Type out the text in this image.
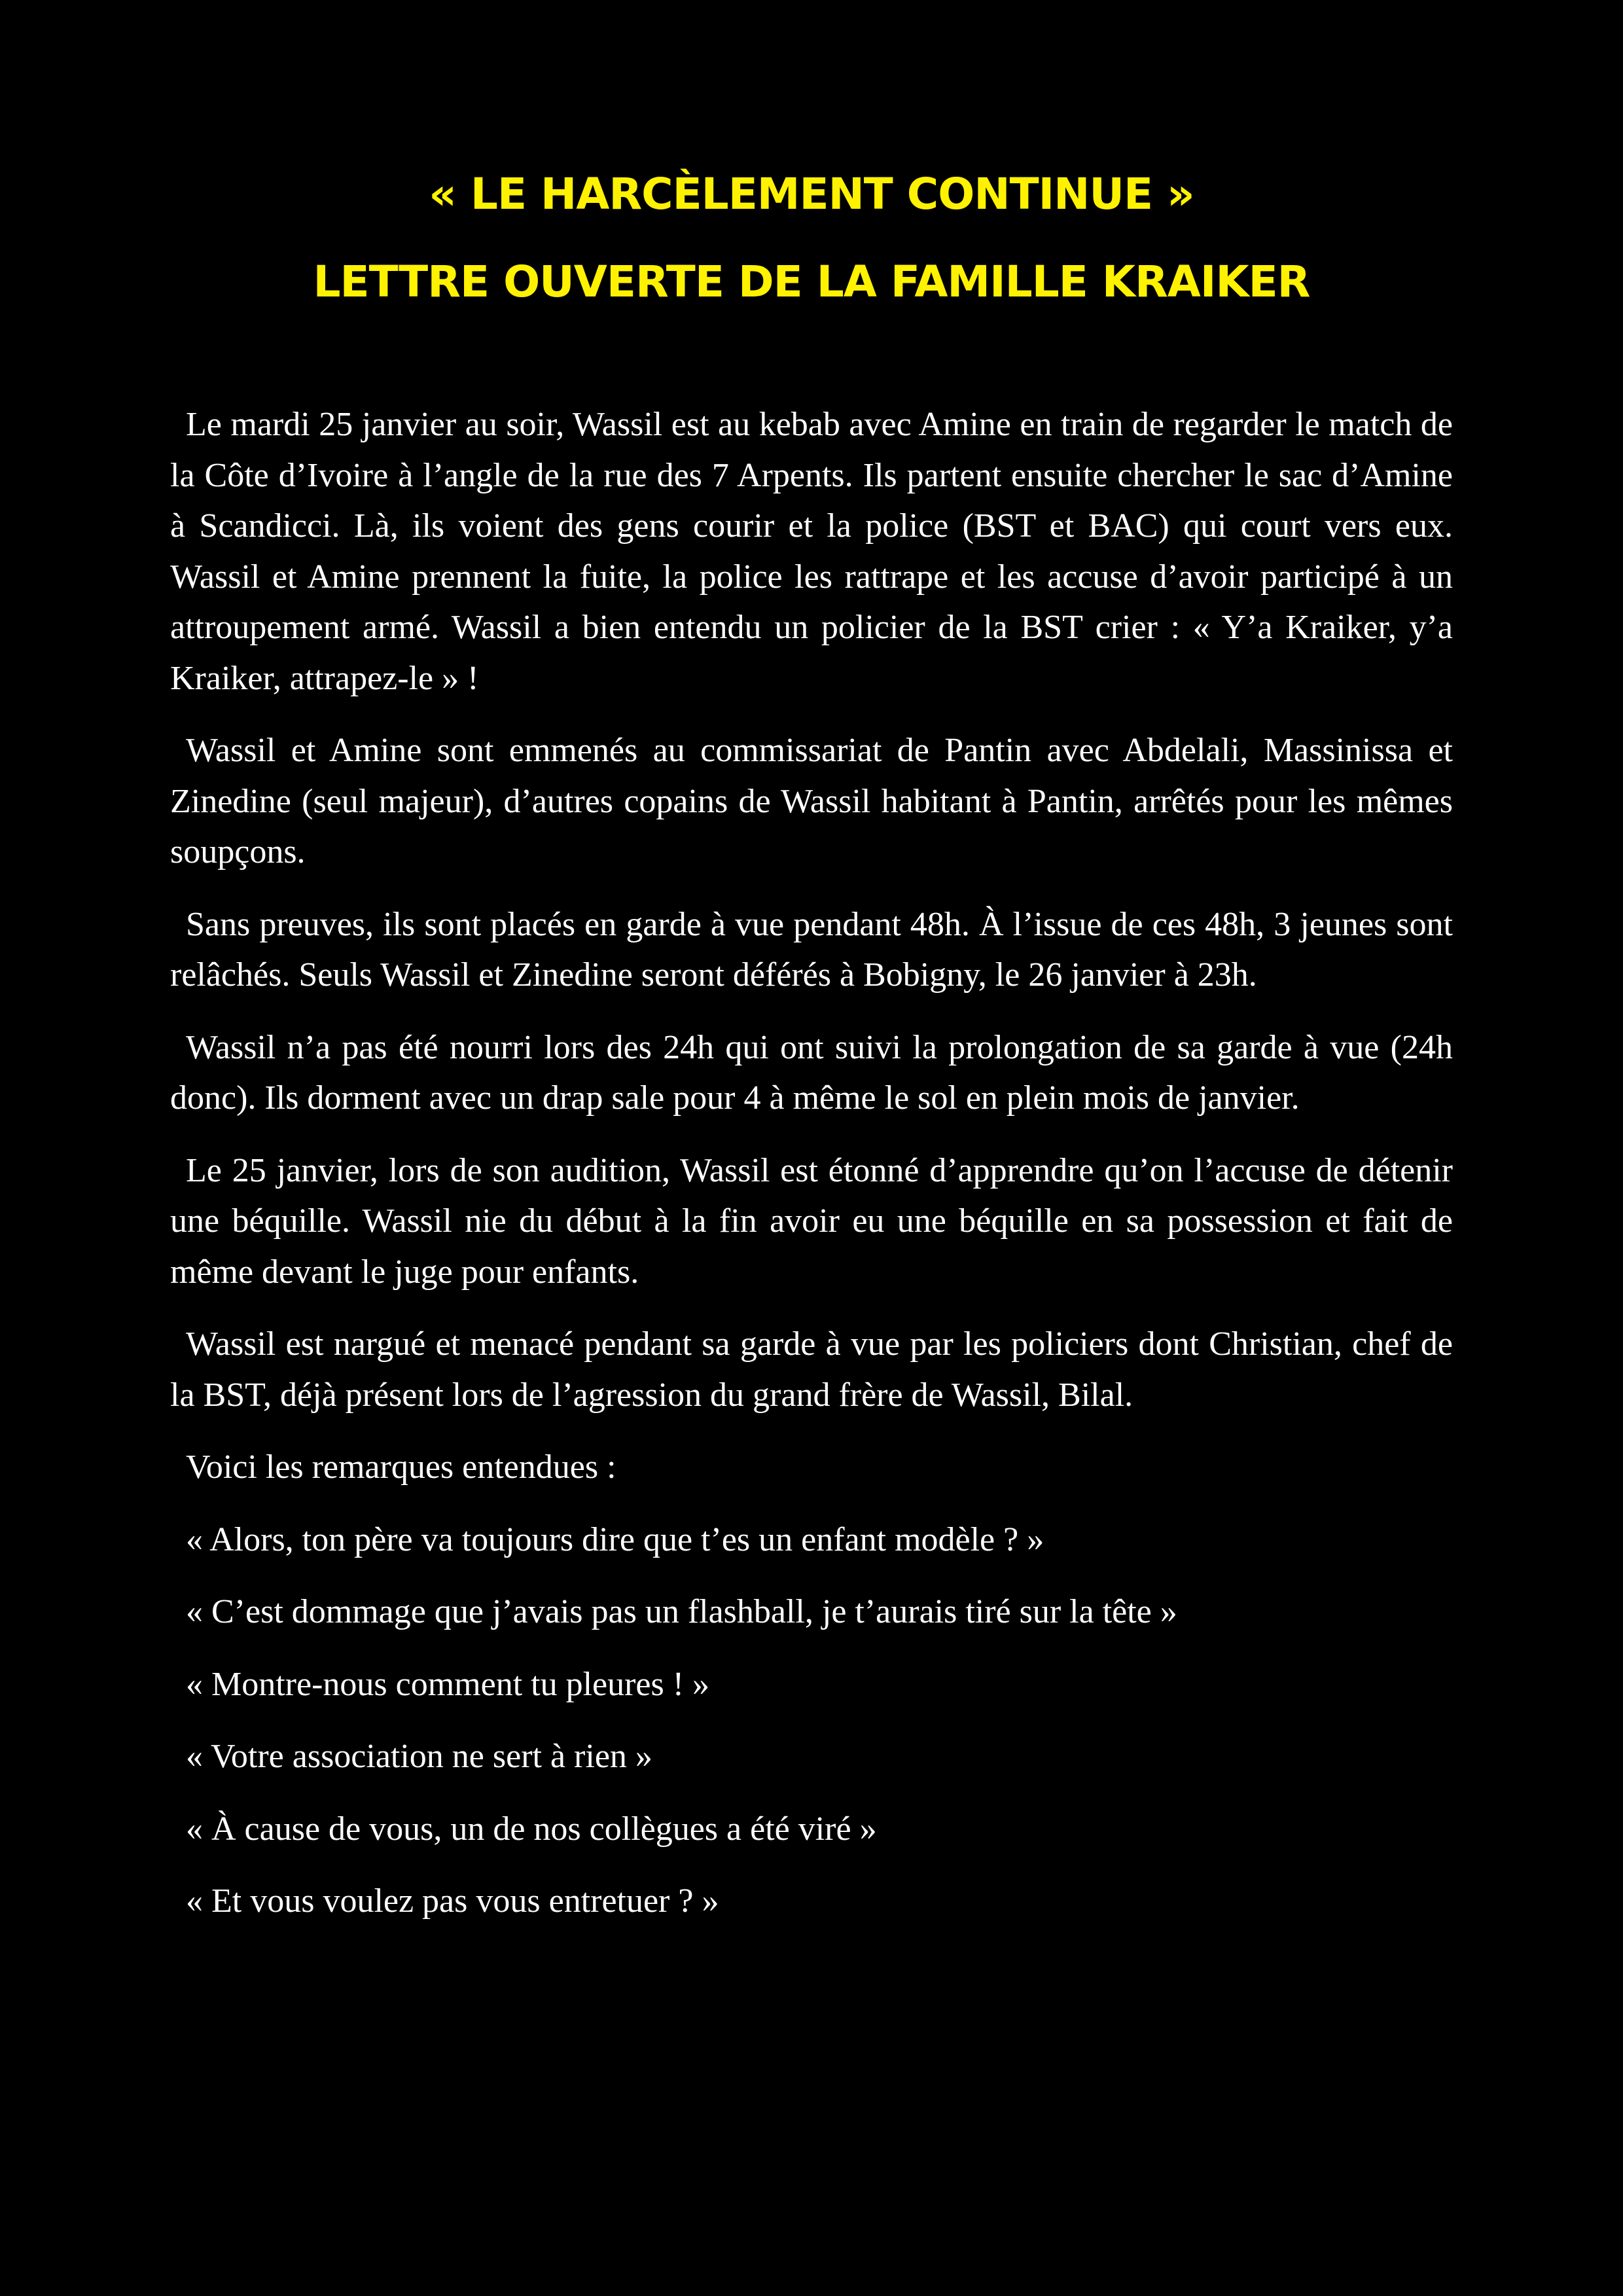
« LE HARCÈLEMENT CONTINUE »
LETTRE OUVERTE DE LA FAMILLE KRAIKER

Le mardi 25 janvier au soir, Wassil est au kebab avec Amine en train de regarder le match de la Côte d’Ivoire à l’angle de la rue des 7 Arpents. Ils partent ensuite chercher le sac d’Amine à Scandicci. Là, ils voient des gens courir et la police (BST et BAC) qui court vers eux. Wassil et Amine prennent la fuite, la police les rattrape et les accuse d’avoir participé à un attroupement armé. Wassil a bien entendu un policier de la BST crier : « Y’a Kraiker, y’a Kraiker, attrapez-le » !

Wassil et Amine sont emmenés au commissariat de Pantin avec Abdelali, Massinissa et Zinedine (seul majeur), d’autres copains de Wassil habitant à Pantin, arrêtés pour les mêmes soupçons.

Sans preuves, ils sont placés en garde à vue pendant 48h. À l’issue de ces 48h, 3 jeunes sont relâchés. Seuls Wassil et Zinedine seront déférés à Bobigny, le 26 janvier à 23h.

Wassil n’a pas été nourri lors des 24h qui ont suivi la prolongation de sa garde à vue (24h donc). Ils dorment avec un drap sale pour 4 à même le sol en plein mois de janvier.

Le 25 janvier, lors de son audition, Wassil est étonné d’apprendre qu’on l’accuse de détenir une béquille. Wassil nie du début à la fin avoir eu une béquille en sa possession et fait de même devant le juge pour enfants.

Wassil est nargué et menacé pendant sa garde à vue par les policiers dont Christian, chef de la BST, déjà présent lors de l’agression du grand frère de Wassil, Bilal.

Voici les remarques entendues :

« Alors, ton père va toujours dire que t’es un enfant modèle ? »

« C’est dommage que j’avais pas un flashball, je t’aurais tiré sur la tête »

« Montre-nous comment tu pleures ! »

« Votre association ne sert à rien »

« À cause de vous, un de nos collègues a été viré »

« Et vous voulez pas vous entretuer ? »
